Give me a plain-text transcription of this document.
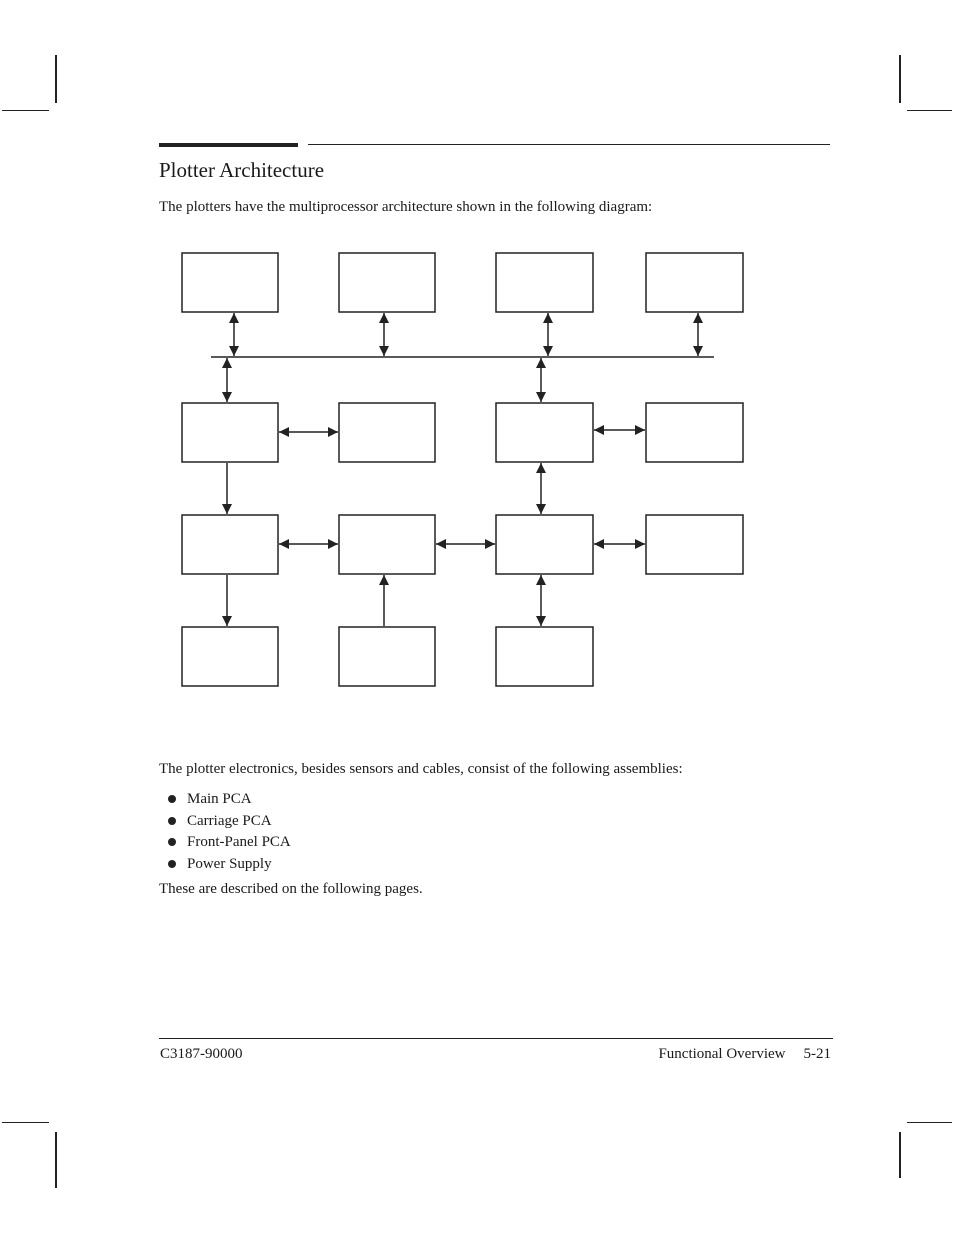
Plotter Architecture

The plotters have the multiprocessor architecture shown in the following diagram:

The plotter electronics, besides sensors and cables, consist of the following assemblies:

Main PCA
Carriage PCA
Front-Panel PCA
Power Supply

These are described on the following pages.

C3187-90000	Functional Overview 5-21
